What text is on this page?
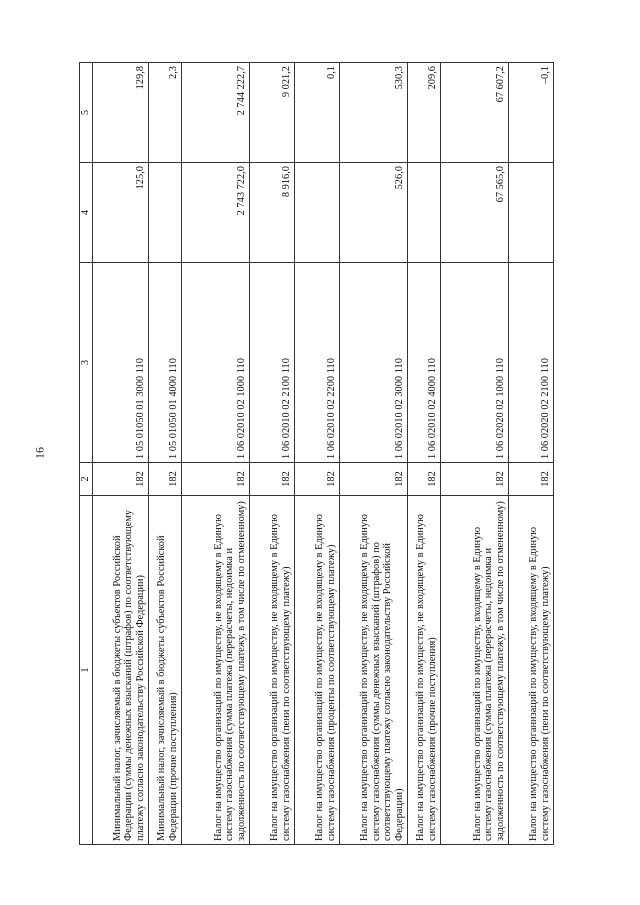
16
1	2	3	4	5
Минимальный налог, зачисляемый в бюджеты субъектов Российской Федерации (суммы денежных взысканий (штрафов) по соответствующему платежу согласно законодательству Российской Федерации)	182	1 05 01050 01 3000 110	125,0	129,8
Минимальный налог, зачисляемый в бюджеты субъектов Российской Федерации (прочие поступления)	182	1 05 01050 01 4000 110		2,3
Налог на имущество организаций по имуществу, не входящему в Единую систему газоснабжения (сумма платежа (перерасчеты, недоимка и задолженность по соответствующему платежу, в том числе по отмененному)	182	1 06 02010 02 1000 110	2 743 722,0	2 744 222,7
Налог на имущество организаций по имуществу, не входящему в Единую систему газоснабжения (пени по соответствующему платежу)	182	1 06 02010 02 2100 110	8 916,0	9 021,2
Налог на имущество организаций по имуществу, не входящему в Единую систему газоснабжения (проценты по соответствующему платежу)	182	1 06 02010 02 2200 110		0,1
Налог на имущество организаций по имуществу, не входящему в Единую систему газоснабжения (суммы денежных взысканий (штрафов) по соответствующему платежу согласно законодательству Российской Федерации)	182	1 06 02010 02 3000 110	526,0	530,3
Налог на имущество организаций по имуществу, не входящему в Единую систему газоснабжения (прочие поступления)	182	1 06 02010 02 4000 110		209,6
Налог на имущество организаций по имуществу, входящему в Единую систему газоснабжения (сумма платежа (перерасчеты, недоимка и задолженность по соответствующему платежу, в том числе по отмененному)	182	1 06 02020 02 1000 110	67 565,0	67 607,2
Налог на имущество организаций по имуществу, входящему в Единую систему газоснабжения (пени по соответствующему платежу)	182	1 06 02020 02 2100 110		–0,1
